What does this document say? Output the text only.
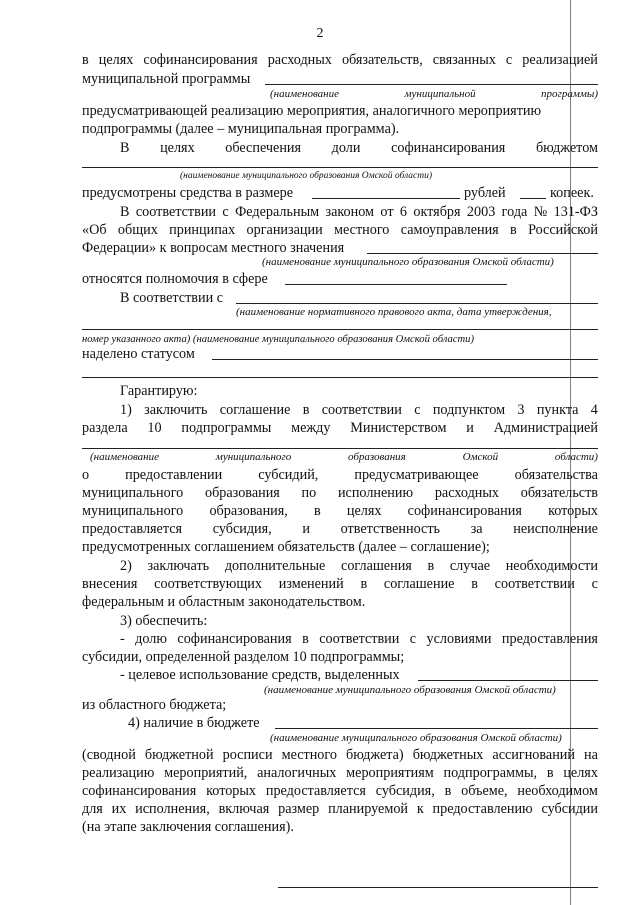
2
в целях софинансирования расходных обязательств, связанных с реализацией
муниципальной программы
(наименование	муниципальной	программы)
предусматривающей реализацию мероприятия, аналогичного мероприятию
подпрограммы (далее – муниципальная программа).
В целях обеспечения доли софинансирования бюджетом
(наименование муниципального образования Омской области)
предусмотрены средства в размере	рублей	копеек.
В соответствии с Федеральным законом от 6 октября 2003 года № 131-ФЗ
«Об общих принципах организации местного самоуправления в Российской
Федерации» к вопросам местного значения
(наименование муниципального образования Омской области)
относятся полномочия в сфере
В соответствии с
(наименование нормативного правового акта, дата утверждения,
номер указанного акта) (наименование муниципального образования Омской области)
наделено статусом
Гарантирую:
1) заключить соглашение в соответствии с подпунктом 3 пункта 4
раздела 10 подпрограммы между Министерством и Администрацией
(наименование	муниципального	образования	Омской	области)
о	предоставлении	субсидий,	предусматривающее	обязательства
муниципального образования по исполнению расходных обязательств
муниципального образования, в целях софинансирования которых
предоставляется субсидия, и ответственность за неисполнение
предусмотренных соглашением обязательств (далее – соглашение);
2) заключать дополнительные соглашения в случае необходимости
внесения соответствующих изменений в соглашение в соответствии с
федеральным и областным законодательством.
3) обеспечить:
- долю софинансирования в соответствии с условиями предоставления
субсидии, определенной разделом 10 подпрограммы;
- целевое использование средств, выделенных
(наименование муниципального образования Омской области)
из областного бюджета;
4) наличие в бюджете
(наименование муниципального образования Омской области)
(сводной бюджетной росписи местного бюджета) бюджетных ассигнований на
реализацию мероприятий, аналогичных мероприятиям подпрограммы, в целях
софинансирования которых предоставляется субсидия, в объеме, необходимом
для их исполнения, включая размер планируемой к предоставлению субсидии
(на этапе заключения соглашения).
